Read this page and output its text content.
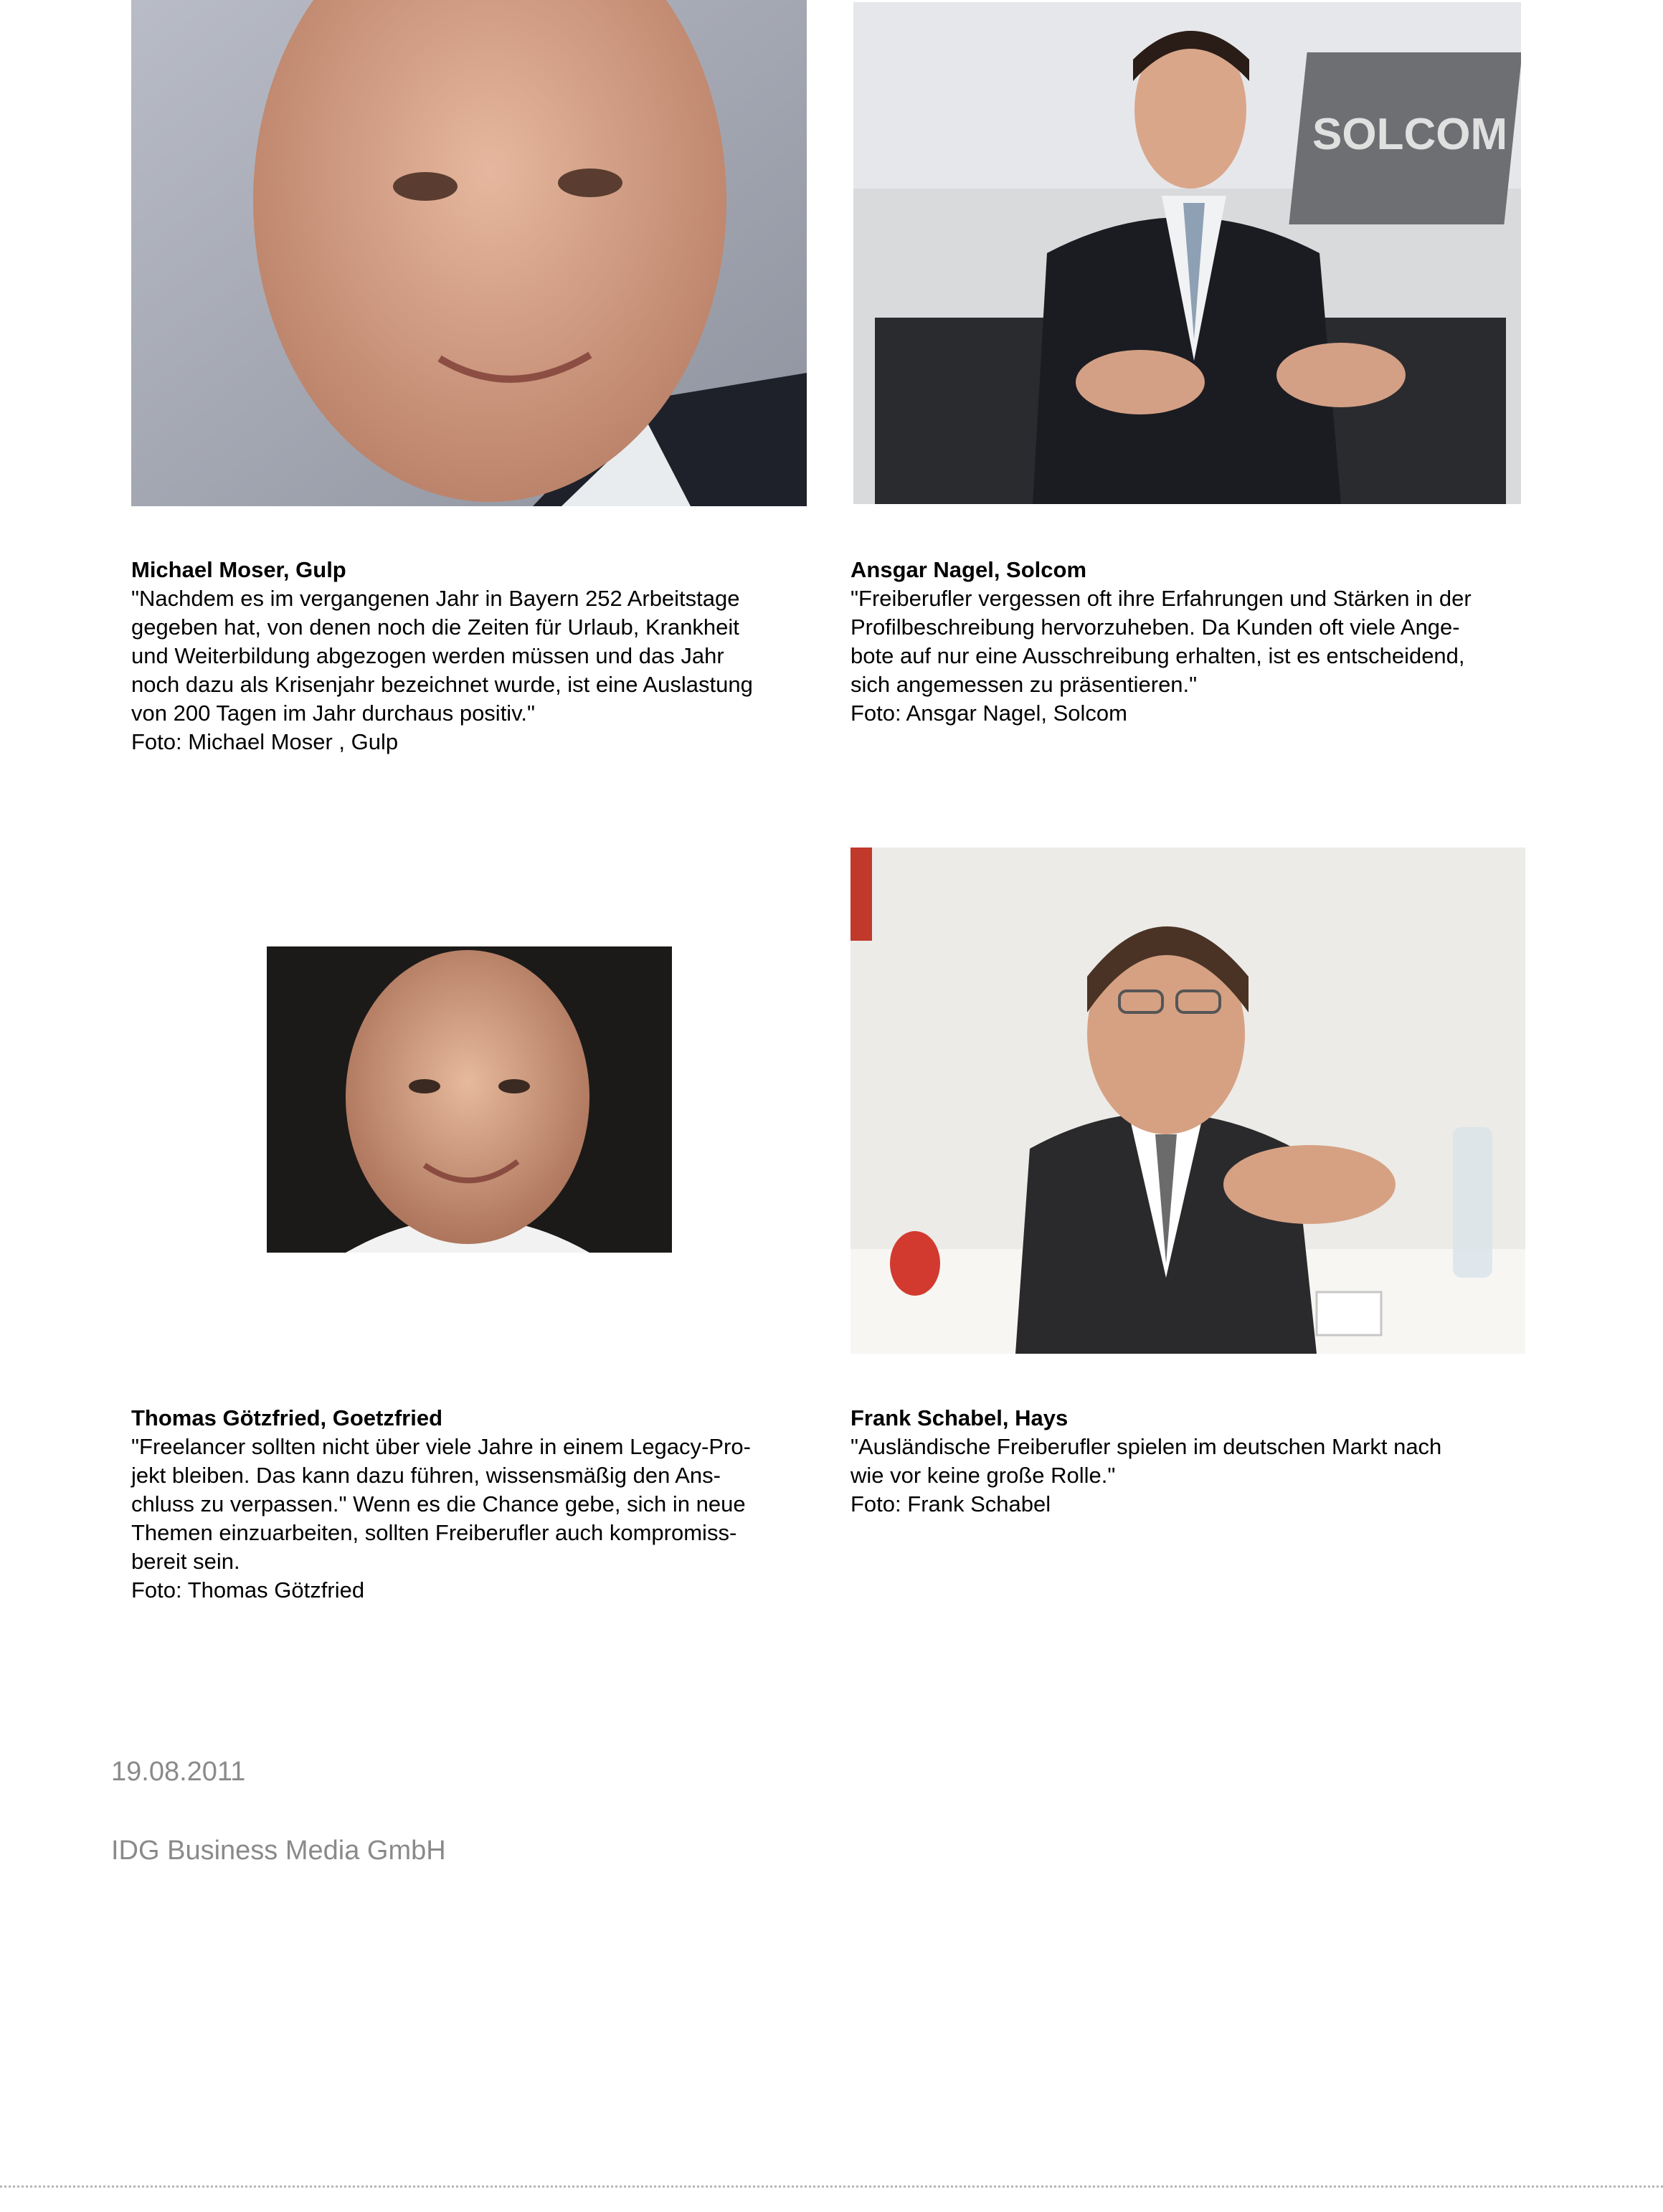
SOLCOM
Michael Moser, Gulp
"Nachdem es im vergangenen Jahr in Bayern 252 Arbeitstage
gegeben hat, von denen noch die Zeiten für Urlaub, Krankheit
und Weiterbildung abgezogen werden müssen und das Jahr
noch dazu als Krisenjahr bezeichnet wurde, ist eine Auslastung
von 200 Tagen im Jahr durchaus positiv."
Foto: Michael Moser , Gulp
Ansgar Nagel, Solcom
"Freiberufler vergessen oft ihre Erfahrungen und Stärken in der
Profilbeschreibung hervorzuheben. Da Kunden oft viele Ange-
bote auf nur eine Ausschreibung erhalten, ist es entscheidend,
sich angemessen zu präsentieren."
Foto: Ansgar Nagel, Solcom
Thomas Götzfried, Goetzfried
"Freelancer sollten nicht über viele Jahre in einem Legacy-Pro-
jekt bleiben. Das kann dazu führen, wissensmäßig den Ans-
chluss zu verpassen." Wenn es die Chance gebe, sich in neue
Themen einzuarbeiten, sollten Freiberufler auch kompromiss-
bereit sein.
Foto: Thomas Götzfried
Frank Schabel, Hays
"Ausländische Freiberufler spielen im deutschen Markt nach
wie vor keine große Rolle."
Foto: Frank Schabel
19.08.2011
IDG Business Media GmbH
